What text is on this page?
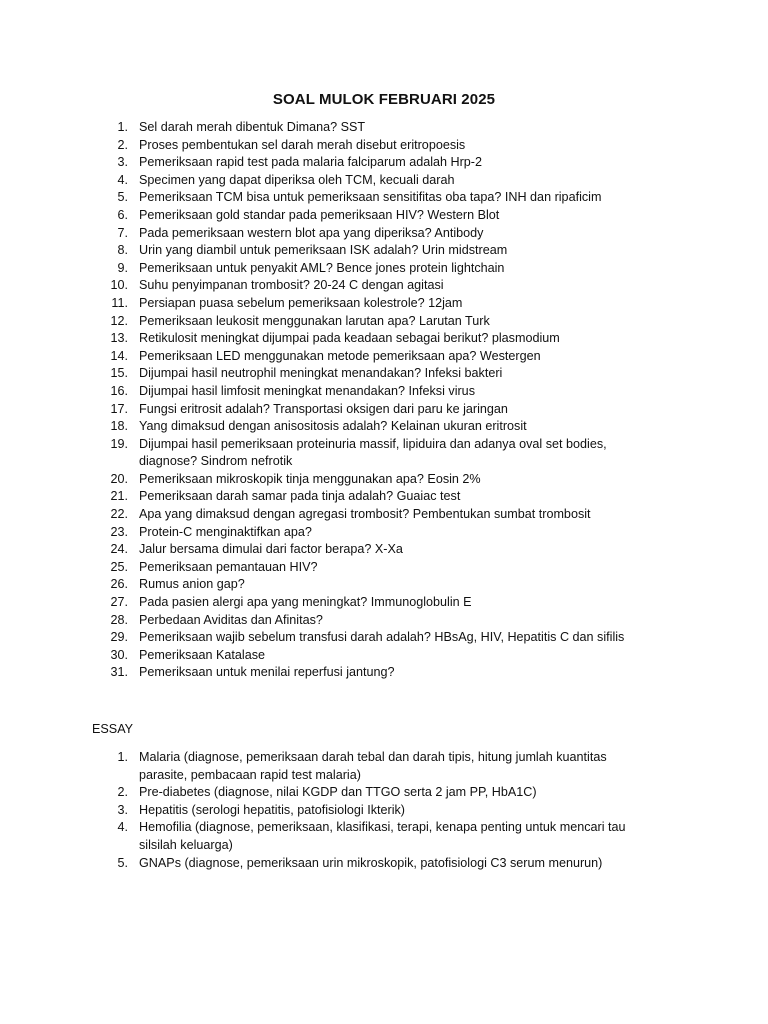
SOAL MULOK FEBRUARI 2025
1. Sel darah merah dibentuk Dimana? SST
2. Proses pembentukan sel darah merah disebut eritropoesis
3. Pemeriksaan rapid test pada malaria falciparum adalah Hrp-2
4. Specimen yang dapat diperiksa oleh TCM, kecuali darah
5. Pemeriksaan TCM bisa untuk pemeriksaan sensitifitas oba tapa? INH dan ripaficim
6. Pemeriksaan gold standar pada pemeriksaan HIV? Western Blot
7. Pada pemeriksaan western blot apa yang diperiksa? Antibody
8. Urin yang diambil untuk pemeriksaan ISK adalah? Urin midstream
9. Pemeriksaan untuk penyakit AML? Bence jones protein lightchain
10. Suhu penyimpanan trombosit? 20-24 C dengan agitasi
11. Persiapan puasa sebelum pemeriksaan kolestrole? 12jam
12. Pemeriksaan leukosit menggunakan larutan apa? Larutan Turk
13. Retikulosit meningkat dijumpai pada keadaan sebagai berikut? plasmodium
14. Pemeriksaan LED menggunakan metode pemeriksaan apa? Westergen
15. Dijumpai hasil neutrophil meningkat menandakan? Infeksi bakteri
16. Dijumpai hasil limfosit meningkat menandakan? Infeksi virus
17. Fungsi eritrosit adalah? Transportasi oksigen dari paru ke jaringan
18. Yang dimaksud dengan anisositosis adalah? Kelainan ukuran eritrosit
19. Dijumpai hasil pemeriksaan proteinuria massif, lipiduira dan adanya oval set bodies, diagnose? Sindrom nefrotik
20. Pemeriksaan mikroskopik tinja menggunakan apa? Eosin 2%
21. Pemeriksaan darah samar pada tinja adalah? Guaiac test
22. Apa yang dimaksud dengan agregasi trombosit? Pembentukan sumbat trombosit
23. Protein-C menginaktifkan apa?
24. Jalur bersama dimulai dari factor berapa? X-Xa
25. Pemeriksaan pemantauan HIV?
26. Rumus anion gap?
27. Pada pasien alergi apa yang meningkat? Immunoglobulin E
28. Perbedaan Aviditas dan Afinitas?
29. Pemeriksaan wajib sebelum transfusi darah adalah? HBsAg, HIV, Hepatitis C dan sifilis
30. Pemeriksaan Katalase
31. Pemeriksaan untuk menilai reperfusi jantung?
ESSAY
1. Malaria (diagnose, pemeriksaan darah tebal dan darah tipis, hitung jumlah kuantitas parasite, pembacaan rapid test malaria)
2. Pre-diabetes (diagnose, nilai KGDP dan TTGO serta 2 jam PP, HbA1C)
3. Hepatitis (serologi hepatitis, patofisiologi Ikterik)
4. Hemofilia (diagnose, pemeriksaan, klasifikasi, terapi, kenapa penting untuk mencari tau silsilah keluarga)
5. GNAPs (diagnose, pemeriksaan urin mikroskopik, patofisiologi C3 serum menurun)
